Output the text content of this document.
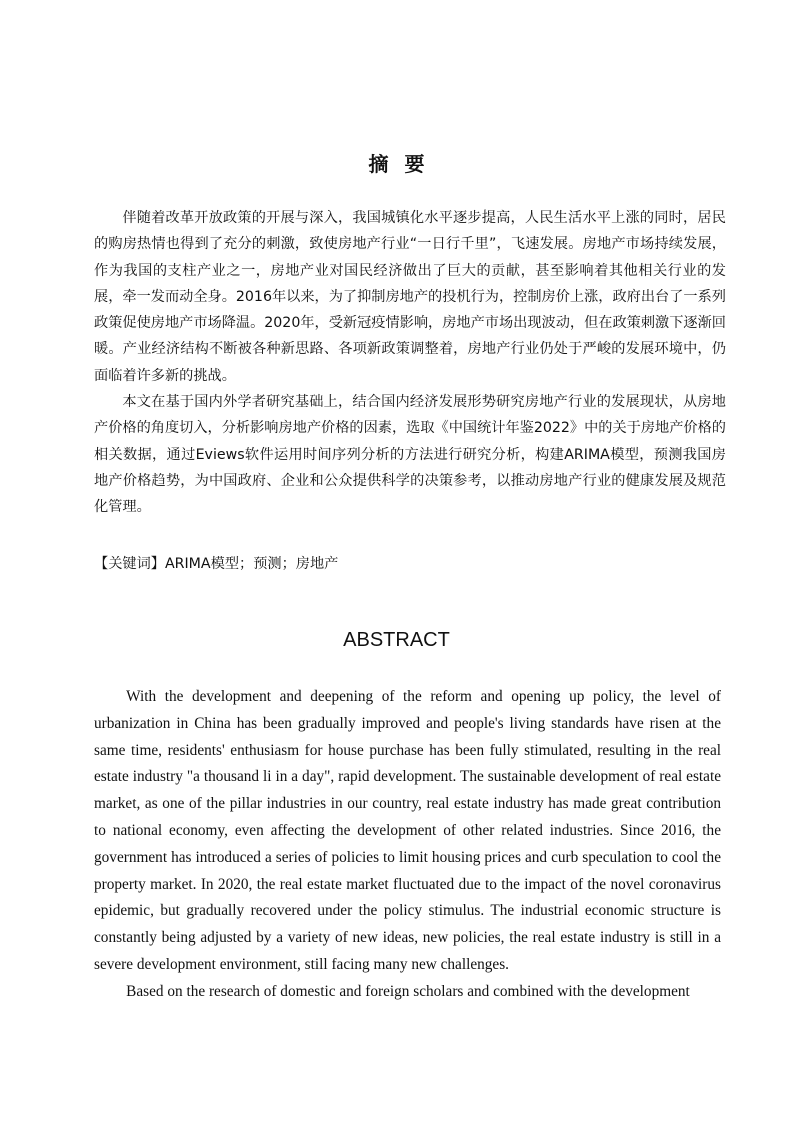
摘要

伴随着改革开放政策的开展与深入，我国城镇化水平逐步提高，人民生活水平上涨的同时，居民的购房热情也得到了充分的刺激，致使房地产行业“一日行千里”，飞速发展。房地产市场持续发展，作为我国的支柱产业之一，房地产业对国民经济做出了巨大的贡献，甚至影响着其他相关行业的发展，牵一发而动全身。2016年以来，为了抑制房地产的投机行为，控制房价上涨，政府出台了一系列政策促使房地产市场降温。2020年，受新冠疫情影响，房地产市场出现波动，但在政策刺激下逐渐回暖。产业经济结构不断被各种新思路、各项新政策调整着，房地产行业仍处于严峻的发展环境中，仍面临着许多新的挑战。

本文在基于国内外学者研究基础上，结合国内经济发展形势研究房地产行业的发展现状，从房地产价格的角度切入，分析影响房地产价格的因素，选取《中国统计年鉴2022》中的关于房地产价格的相关数据，通过Eviews软件运用时间序列分析的方法进行研究分析，构建ARIMA模型，预测我国房地产价格趋势，为中国政府、企业和公众提供科学的决策参考，以推动房地产行业的健康发展及规范化管理。

【关键词】ARIMA模型；预测；房地产
ABSTRACT

With the development and deepening of the reform and opening up policy, the level of urbanization in China has been gradually improved and people's living standards have risen at the same time, residents' enthusiasm for house purchase has been fully stimulated, resulting in the real estate industry "a thousand li in a day", rapid development. The sustainable development of real estate market, as one of the pillar industries in our country, real estate industry has made great contribution to national economy, even affecting the development of other related industries. Since 2016, the government has introduced a series of policies to limit housing prices and curb speculation to cool the property market. In 2020, the real estate market fluctuated due to the impact of the novel coronavirus epidemic, but gradually recovered under the policy stimulus. The industrial economic structure is constantly being adjusted by a variety of new ideas, new policies, the real estate industry is still in a severe development environment, still facing many new challenges.

Based on the research of domestic and foreign scholars and combined with the development
